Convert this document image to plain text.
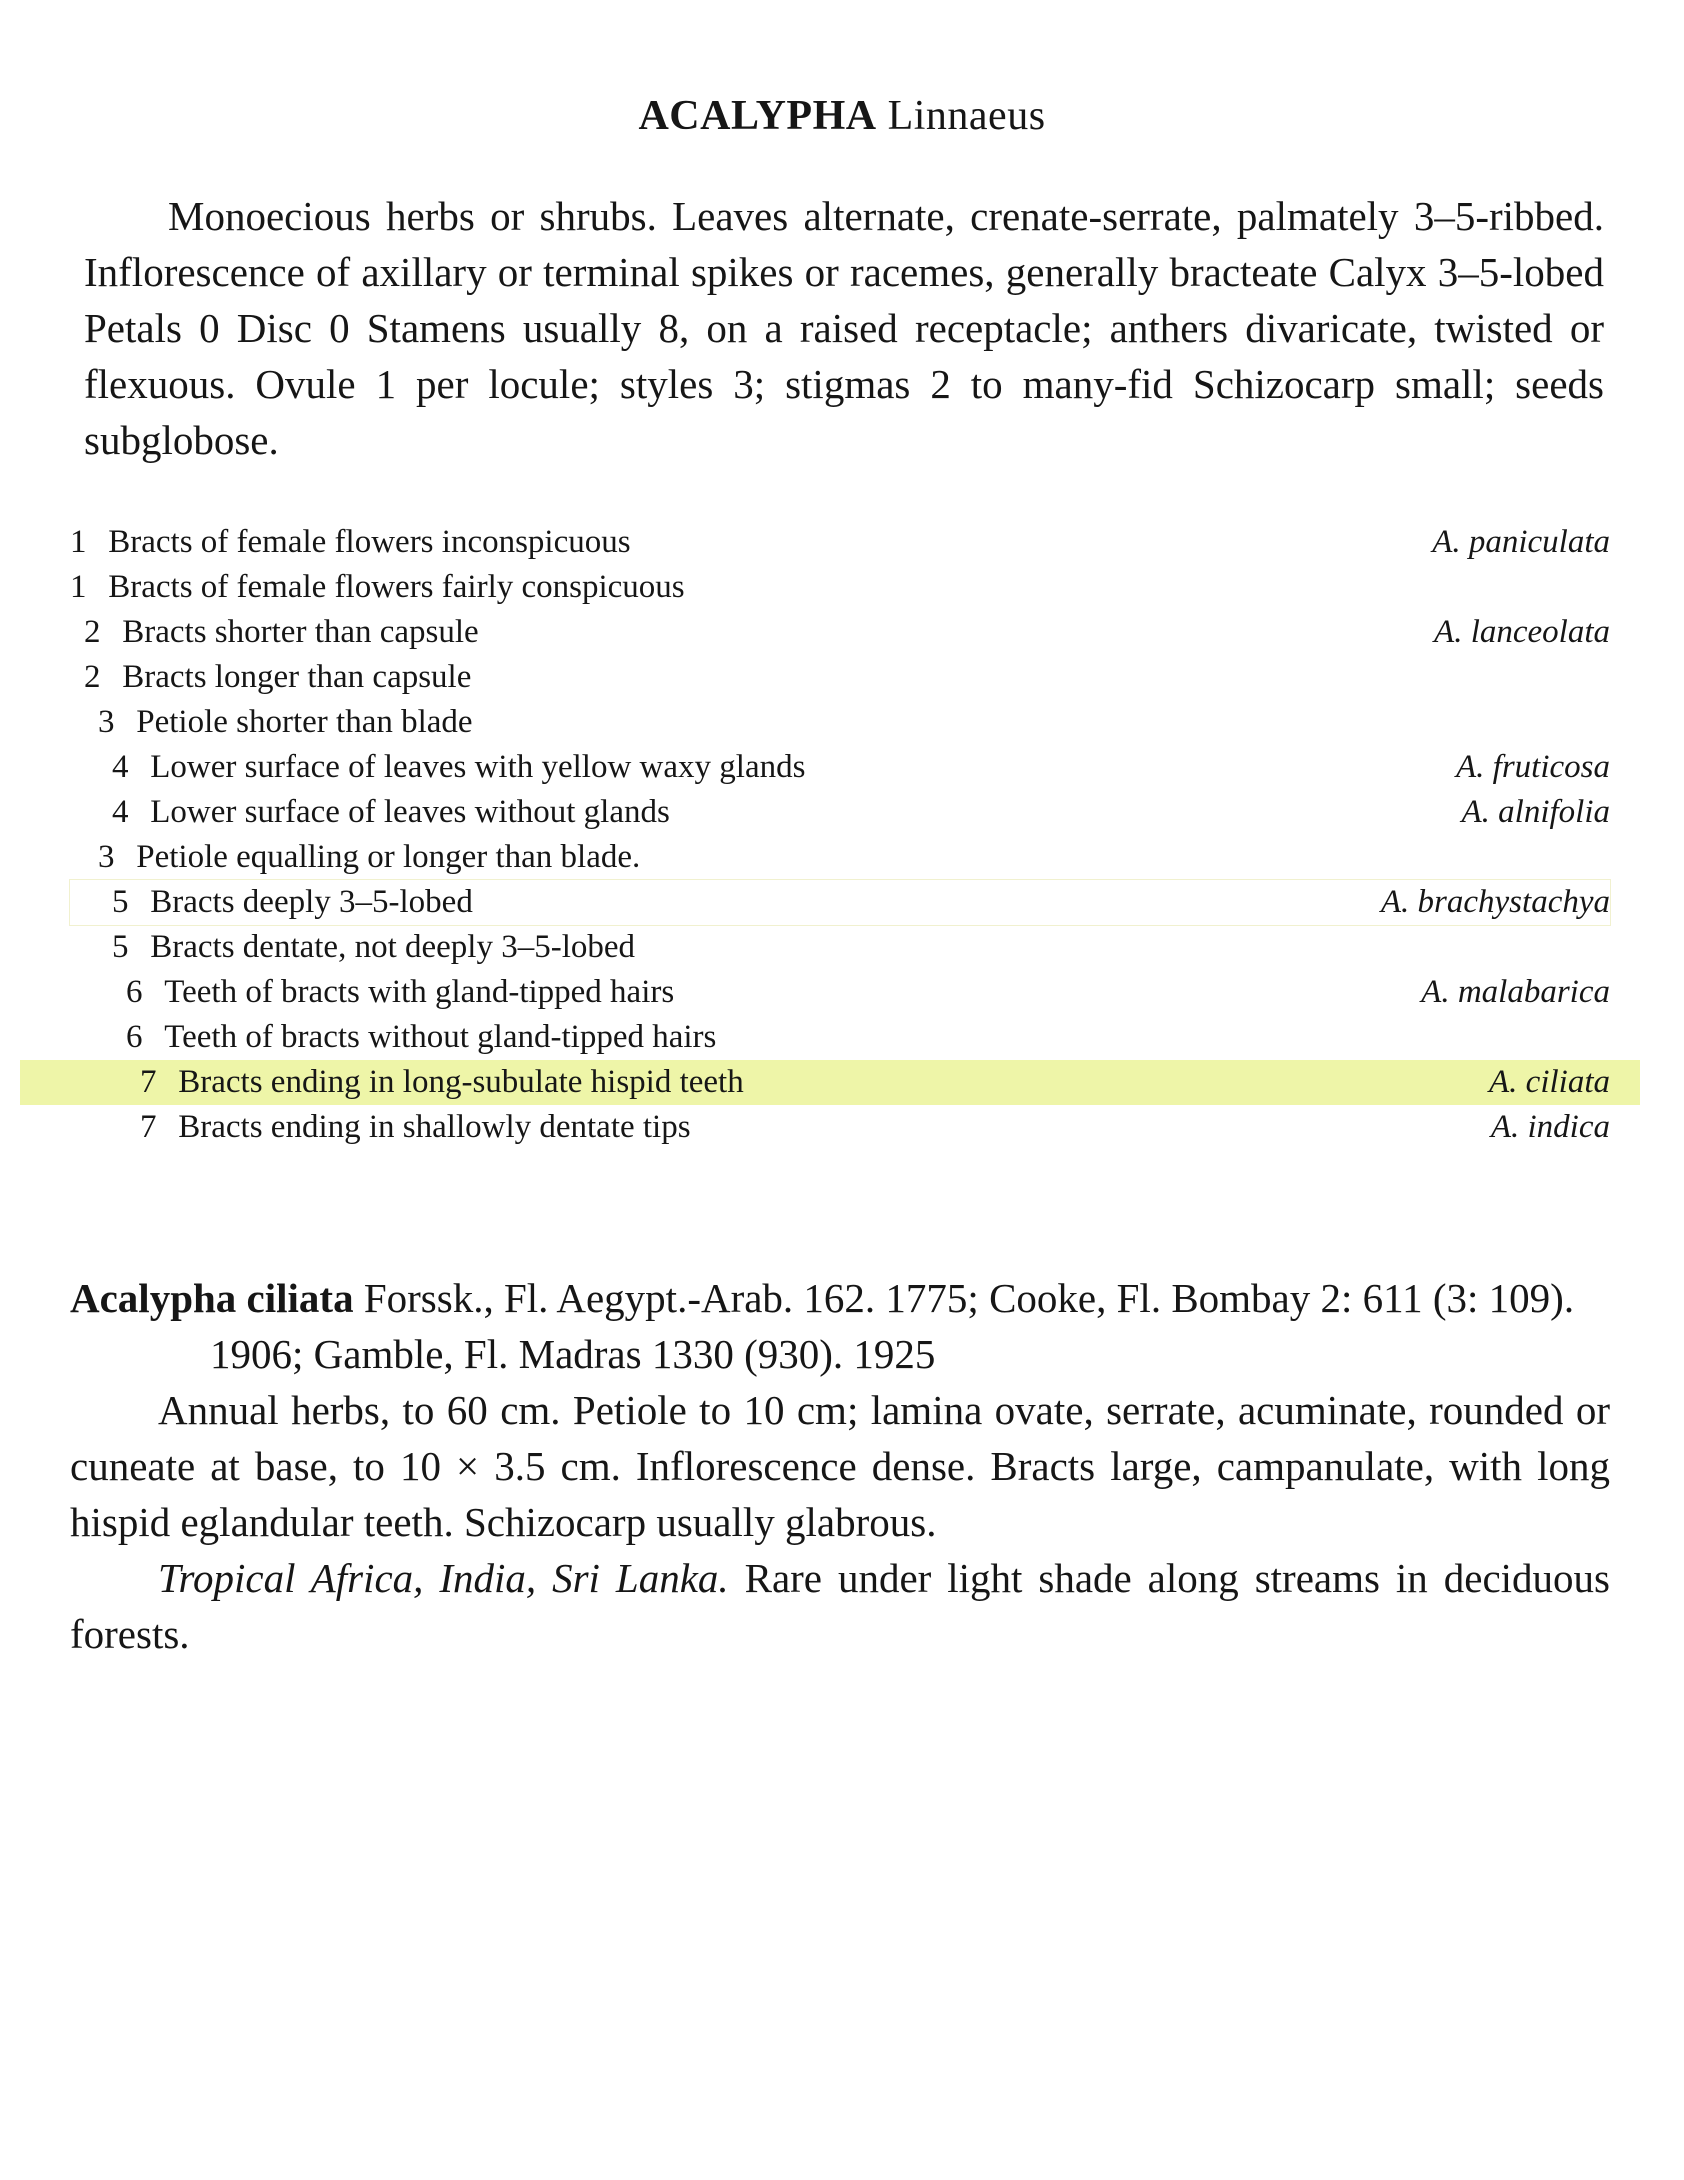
ACALYPHA Linnaeus

Monoecious herbs or shrubs. Leaves alternate, crenate-serrate, palmately 3–5-ribbed. Inflorescence of axillary or terminal spikes or racemes, generally bracteate Calyx 3–5-lobed Petals 0 Disc 0 Stamens usually 8, on a raised receptacle; anthers divaricate, twisted or flexuous. Ovule 1 per locule; styles 3; stigmas 2 to many-fid Schizocarp small; seeds subglobose.

1 Bracts of female flowers inconspicuous	A. paniculata
1 Bracts of female flowers fairly conspicuous
2 Bracts shorter than capsule	A. lanceolata
2 Bracts longer than capsule
3 Petiole shorter than blade
4 Lower surface of leaves with yellow waxy glands	A. fruticosa
4 Lower surface of leaves without glands	A. alnifolia
3 Petiole equalling or longer than blade.
5 Bracts deeply 3–5-lobed	A. brachystachya
5 Bracts dentate, not deeply 3–5-lobed
6 Teeth of bracts with gland-tipped hairs	A. malabarica
6 Teeth of bracts without gland-tipped hairs
7 Bracts ending in long-subulate hispid teeth	A. ciliata
7 Bracts ending in shallowly dentate tips	A. indica

Acalypha ciliata Forssk., Fl. Aegypt.-Arab. 162. 1775; Cooke, Fl. Bombay 2: 611 (3: 109). 1906; Gamble, Fl. Madras 1330 (930). 1925

Annual herbs, to 60 cm. Petiole to 10 cm; lamina ovate, serrate, acuminate, rounded or cuneate at base, to 10 × 3.5 cm. Inflorescence dense. Bracts large, campanulate, with long hispid eglandular teeth. Schizocarp usually glabrous.

Tropical Africa, India, Sri Lanka. Rare under light shade along streams in deciduous forests.
